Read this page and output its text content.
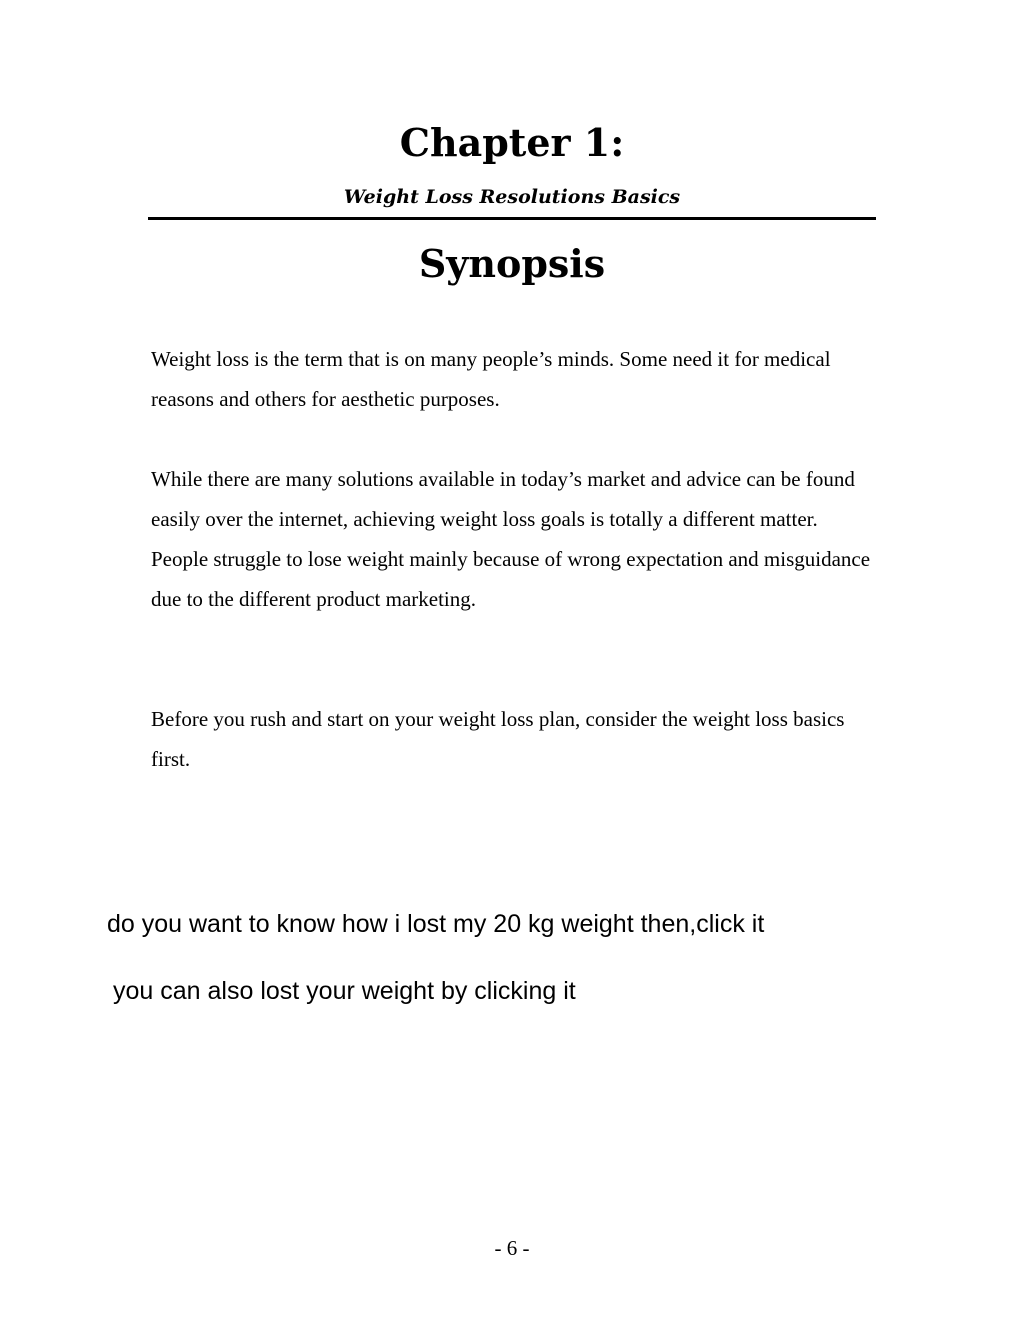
Chapter 1:
Weight Loss Resolutions Basics
Synopsis

Weight loss is the term that is on many people’s minds. Some need it for medical reasons and others for aesthetic purposes.

While there are many solutions available in today’s market and advice can be found easily over the internet, achieving weight loss goals is totally a different matter. People struggle to lose weight mainly because of wrong expectation and misguidance due to the different product marketing.

Before you rush and start on your weight loss plan, consider the weight loss basics first.

do you want to know how i lost my 20 kg weight then,click it
you can also lost your weight by clicking it
- 6 -
